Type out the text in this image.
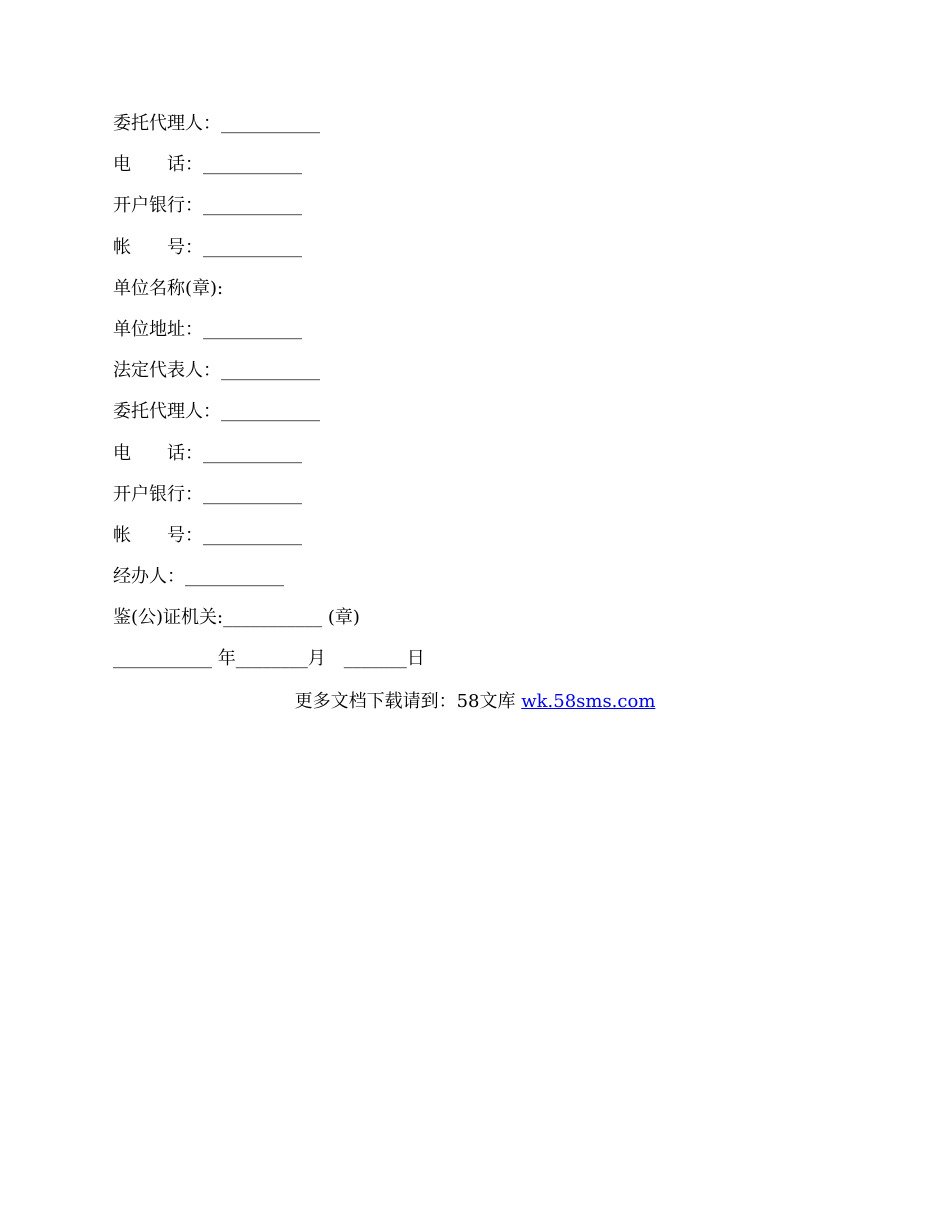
委托代理人：___________
电　　话：___________
开户银行：___________
帐　　号：___________
单位名称(章):
单位地址：___________
法定代表人：___________
委托代理人：___________
电　　话：___________
开户银行：___________
帐　　号：___________
经办人：___________
鉴(公)证机关:___________ (章)
___________ 年________月　_______日
更多文档下载请到：58文库 wk.58sms.com
